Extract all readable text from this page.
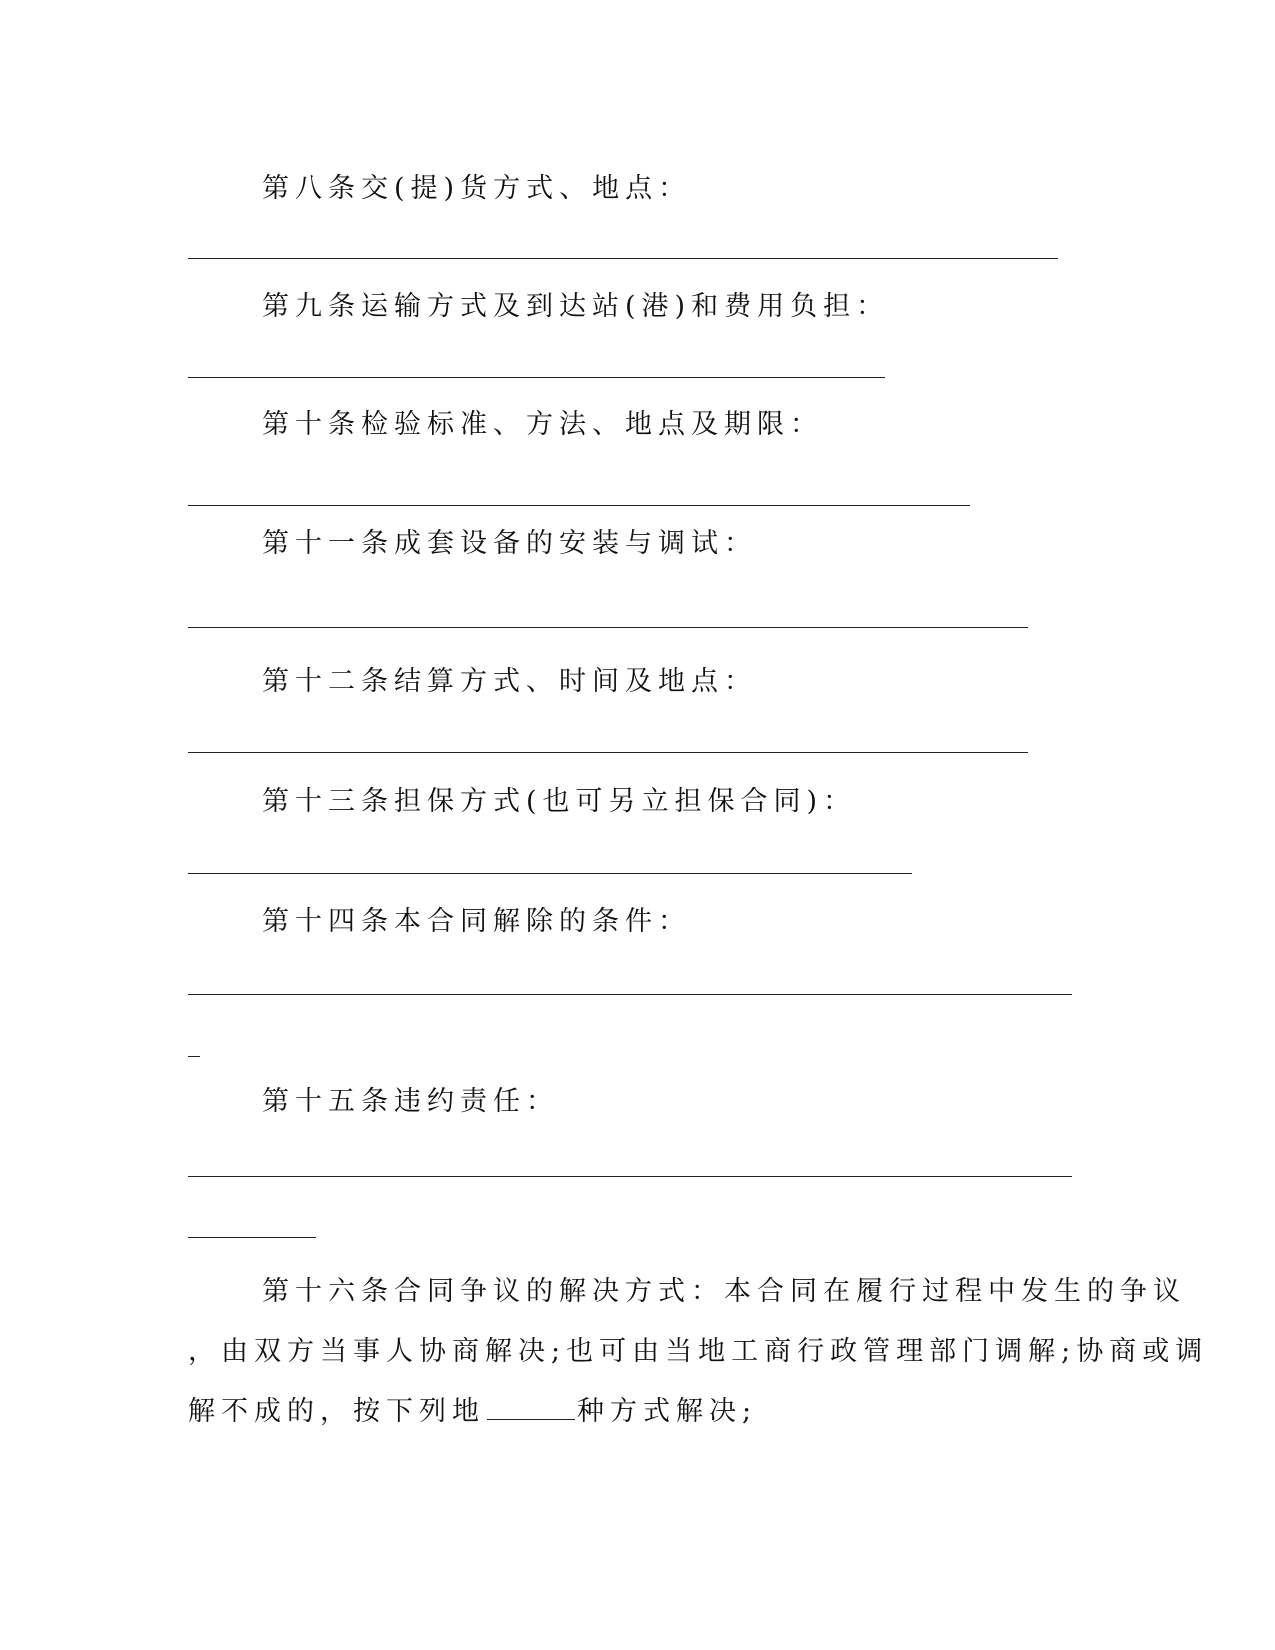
第八条交(提)货方式、地点：
第九条运输方式及到达站(港)和费用负担：
第十条检验标准、方法、地点及期限：
第十一条成套设备的安装与调试：
第十二条结算方式、时间及地点：
第十三条担保方式(也可另立担保合同)：
第十四条本合同解除的条件：
第十五条违约责任：
第十六条合同争议的解决方式：本合同在履行过程中发生的争议
，由双方当事人协商解决;也可由当地工商行政管理部门调解;协商或调
解不成的，按下列地	种方式解决;
